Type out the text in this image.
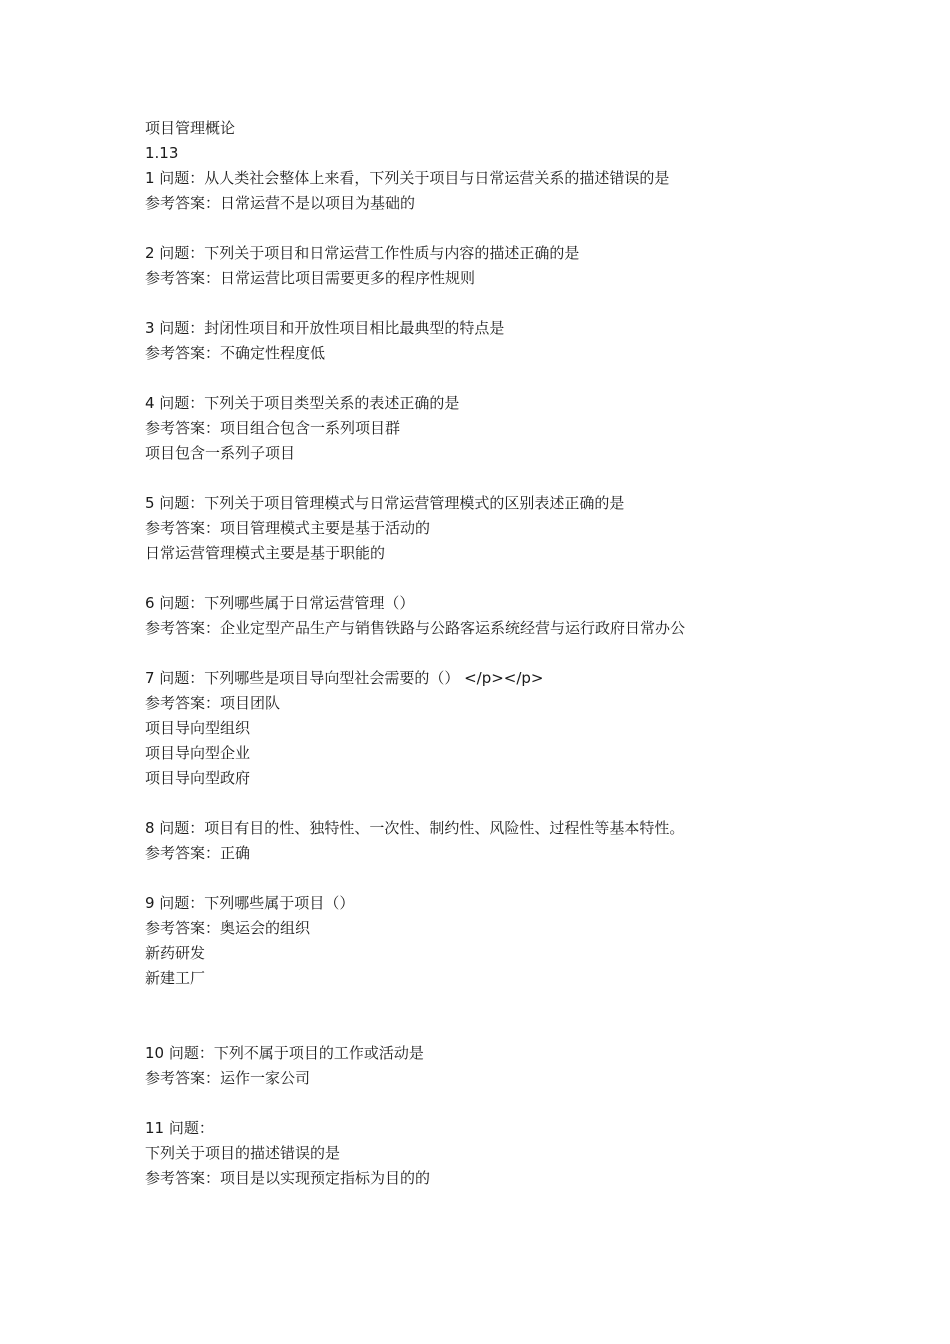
项目管理概论
1.13
1 问题：从人类社会整体上来看，下列关于项目与日常运营关系的描述错误的是
参考答案：日常运营不是以项目为基础的
2 问题：下列关于项目和日常运营工作性质与内容的描述正确的是
参考答案：日常运营比项目需要更多的程序性规则
3 问题：封闭性项目和开放性项目相比最典型的特点是
参考答案：不确定性程度低
4 问题：下列关于项目类型关系的表述正确的是
参考答案：项目组合包含一系列项目群
项目包含一系列子项目
5 问题：下列关于项目管理模式与日常运营管理模式的区别表述正确的是
参考答案：项目管理模式主要是基于活动的
日常运营管理模式主要是基于职能的
6 问题：下列哪些属于日常运营管理（）
参考答案：企业定型产品生产与销售铁路与公路客运系统经营与运行政府日常办公
7 问题：下列哪些是项目导向型社会需要的（） </p></p>
参考答案：项目团队
项目导向型组织
项目导向型企业
项目导向型政府
8 问题：项目有目的性、独特性、一次性、制约性、风险性、过程性等基本特性。
参考答案：正确
9 问题：下列哪些属于项目（）
参考答案：奥运会的组织
新药研发
新建工厂
10 问题：下列不属于项目的工作或活动是
参考答案：运作一家公司
11 问题：
下列关于项目的描述错误的是
参考答案：项目是以实现预定指标为目的的
